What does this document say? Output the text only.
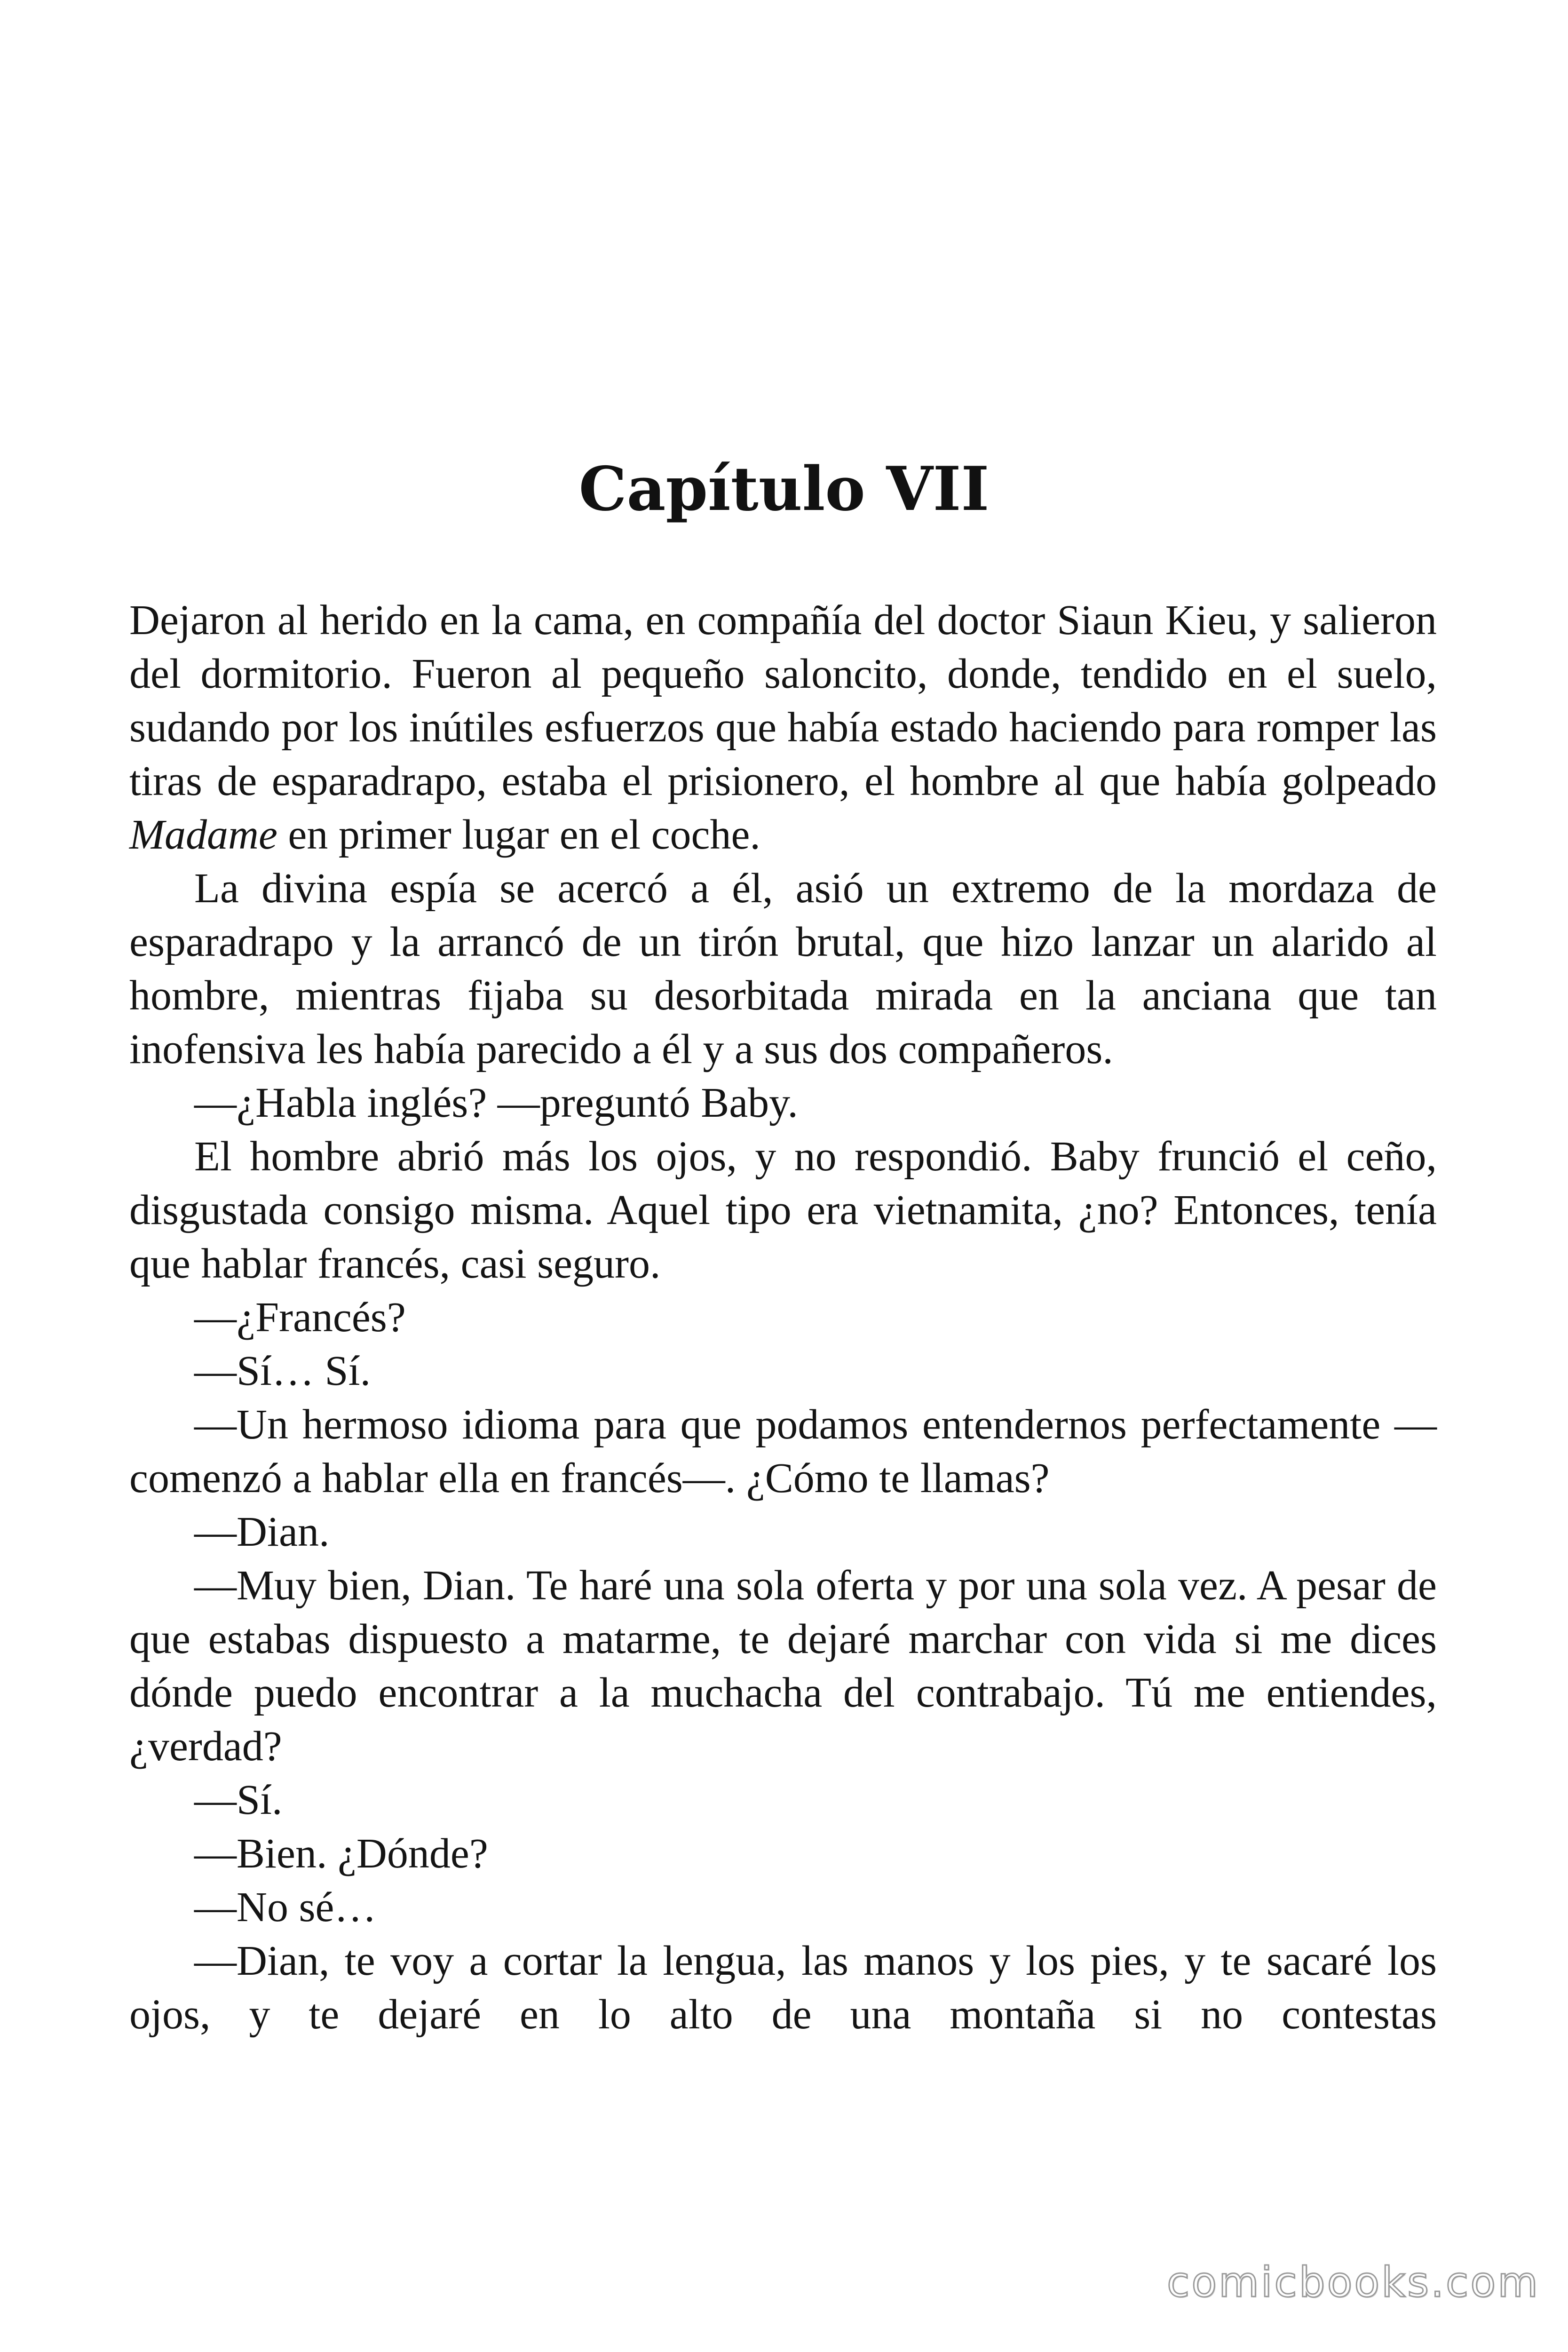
Capítulo VII

Dejaron al herido en la cama, en compañía del doctor Siaun Kieu, y salieron del dormitorio. Fueron al pequeño saloncito, donde, tendido en el suelo, sudando por los inútiles esfuerzos que había estado haciendo para romper las tiras de esparadrapo, estaba el prisionero, el hombre al que había golpeado Madame en primer lugar en el coche.

La divina espía se acercó a él, asió un extremo de la mordaza de esparadrapo y la arrancó de un tirón brutal, que hizo lanzar un alarido al hombre, mientras fijaba su desorbitada mirada en la anciana que tan inofensiva les había parecido a él y a sus dos compañeros.

—¿Habla inglés? —preguntó Baby.

El hombre abrió más los ojos, y no respondió. Baby frunció el ceño, disgustada consigo misma. Aquel tipo era vietnamita, ¿no? Entonces, tenía que hablar francés, casi seguro.

—¿Francés?

—Sí… Sí.

—Un hermoso idioma para que podamos entendernos perfectamente —comenzó a hablar ella en francés—. ¿Cómo te llamas?

—Dian.

—Muy bien, Dian. Te haré una sola oferta y por una sola vez. A pesar de que estabas dispuesto a matarme, te dejaré marchar con vida si me dices dónde puedo encontrar a la muchacha del contrabajo. Tú me entiendes, ¿verdad?

—Sí.

—Bien. ¿Dónde?

—No sé…

—Dian, te voy a cortar la lengua, las manos y los pies, y te sacaré los ojos, y te dejaré en lo alto de una montaña si no contestas

comicbooks.com
